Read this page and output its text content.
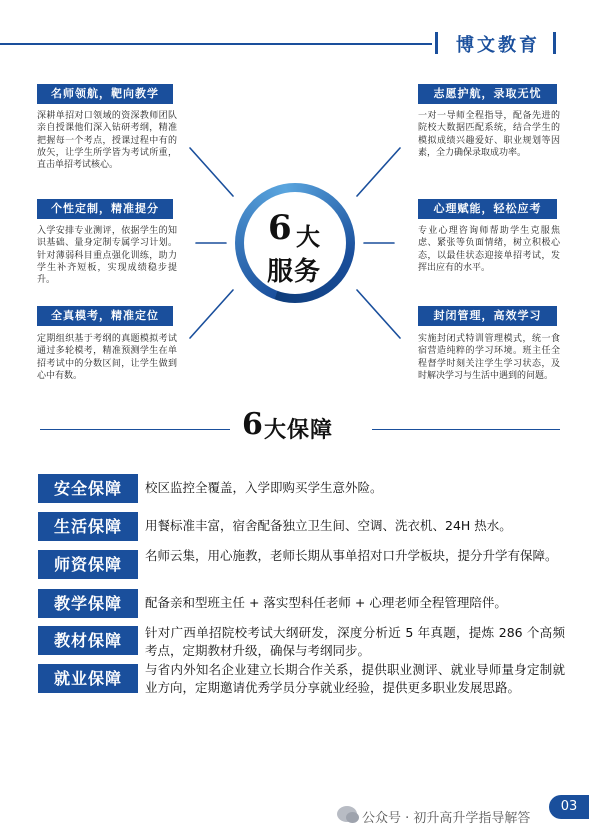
博文教育
名师领航，靶向教学
深耕单招对口领域的资深教师团队亲自授课他们深入钻研考纲，精准把握每一个考点，授课过程中有的放矢，让学生所学皆为考试所重，直击单招考试核心。
个性定制，精准提分
入学安排专业测评，依据学生的知识基础、量身定制专属学习计划。针对薄弱科目重点强化训练，助力学生补齐短板，实现成绩稳步提升。
全真模考，精准定位
定期组织基于考纲的真题模拟考试通过多轮模考，精准预测学生在单招考试中的分数区间，让学生做到心中有数。
志愿护航，录取无忧
一对一导师全程指导，配备先进的院校大数据匹配系统，结合学生的模拟成绩兴趣爱好、职业规划等因素，全力确保录取成功率。
心理赋能，轻松应考
专业心理咨询师帮助学生克服焦虑、紧张等负面情绪，树立积极心态，以最佳状态迎接单招考试，发挥出应有的水平。
封闭管理，高效学习
实施封闭式特训管理模式，统一食宿营造纯粹的学习环境。班主任全程督学时刻关注学生学习状态，及时解决学习与生活中遇到的问题。
6 大
服务
6 大保障
安全保障	校区监控全覆盖，入学即购买学生意外险。
生活保障	用餐标准丰富，宿舍配备独立卫生间、空调、洗衣机、24H 热水。
师资保障	名师云集，用心施教，老师长期从事单招对口升学板块，提分升学有保障。
教学保障	配备亲和型班主任 + 落实型科任老师 + 心理老师全程管理陪伴。
教材保障	针对广西单招院校考试大纲研发，深度分析近 5 年真题，提炼 286 个高频考点，定期教材升级，确保与考纲同步。
就业保障	与省内外知名企业建立长期合作关系，提供职业测评、就业导师量身定制就业方向，定期邀请优秀学员分享就业经验，提供更多职业发展思路。
公众号 · 初升高升学指导解答
03
